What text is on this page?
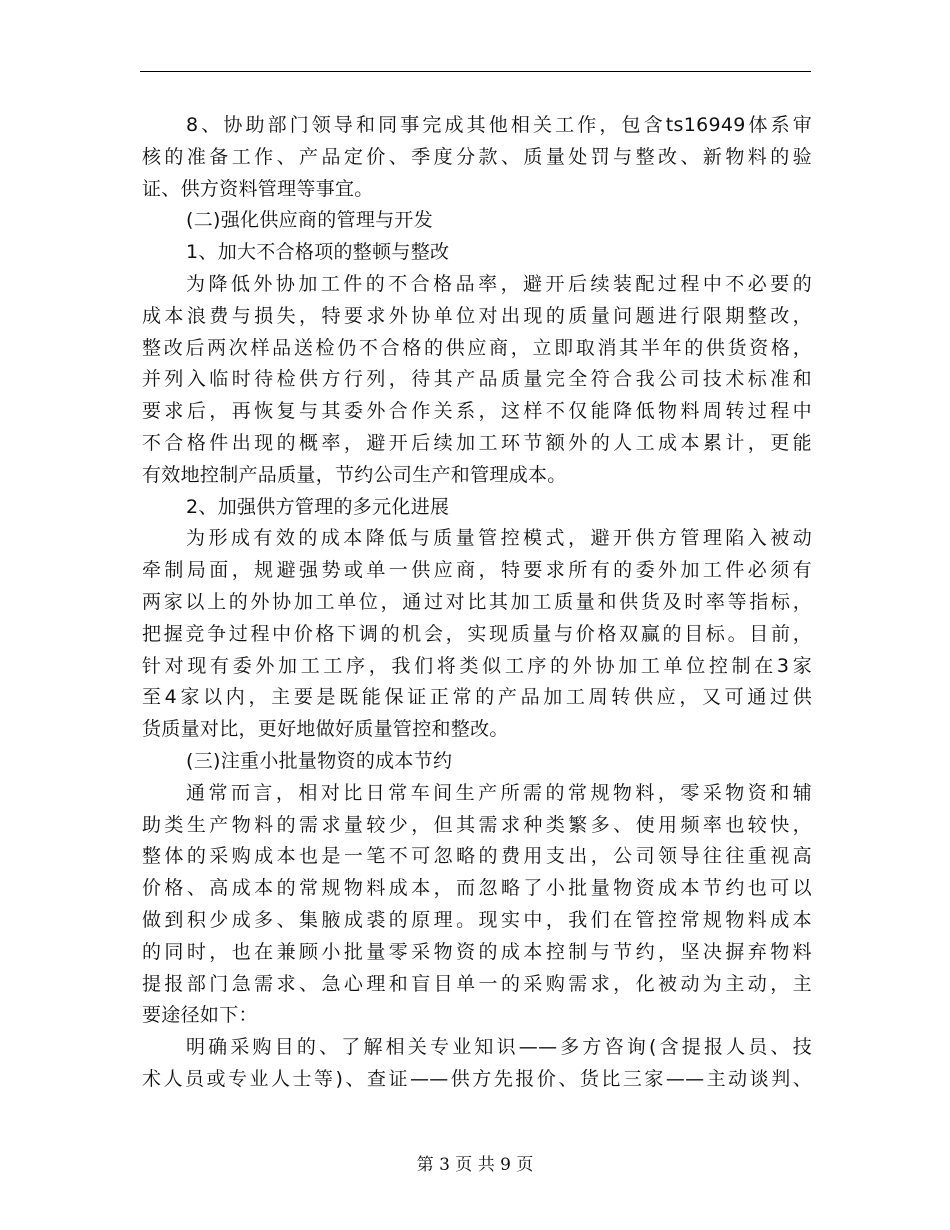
8、协助部门领导和同事完成其他相关工作，包含ts16949体系审
核的准备工作、产品定价、季度分款、质量处罚与整改、新物料的验
证、供方资料管理等事宜。
(二)强化供应商的管理与开发
1、加大不合格项的整顿与整改
为降低外协加工件的不合格品率，避开后续装配过程中不必要的
成本浪费与损失，特要求外协单位对出现的质量问题进行限期整改，
整改后两次样品送检仍不合格的供应商，立即取消其半年的供货资格，
并列入临时待检供方行列，待其产品质量完全符合我公司技术标准和
要求后，再恢复与其委外合作关系，这样不仅能降低物料周转过程中
不合格件出现的概率，避开后续加工环节额外的人工成本累计，更能
有效地控制产品质量，节约公司生产和管理成本。
2、加强供方管理的多元化进展
为形成有效的成本降低与质量管控模式，避开供方管理陷入被动
牵制局面，规避强势或单一供应商，特要求所有的委外加工件必须有
两家以上的外协加工单位，通过对比其加工质量和供货及时率等指标，
把握竞争过程中价格下调的机会，实现质量与价格双赢的目标。目前，
针对现有委外加工工序，我们将类似工序的外协加工单位控制在3家
至4家以内，主要是既能保证正常的产品加工周转供应，又可通过供
货质量对比，更好地做好质量管控和整改。
(三)注重小批量物资的成本节约
通常而言，相对比日常车间生产所需的常规物料，零采物资和辅
助类生产物料的需求量较少，但其需求种类繁多、使用频率也较快，
整体的采购成本也是一笔不可忽略的费用支出，公司领导往往重视高
价格、高成本的常规物料成本，而忽略了小批量物资成本节约也可以
做到积少成多、集腋成裘的原理。现实中，我们在管控常规物料成本
的同时，也在兼顾小批量零采物资的成本控制与节约，坚决摒弃物料
提报部门急需求、急心理和盲目单一的采购需求，化被动为主动，主
要途径如下：
明确采购目的、了解相关专业知识——多方咨询(含提报人员、技
术人员或专业人士等)、查证——供方先报价、货比三家——主动谈判、
第 3 页 共 9 页
